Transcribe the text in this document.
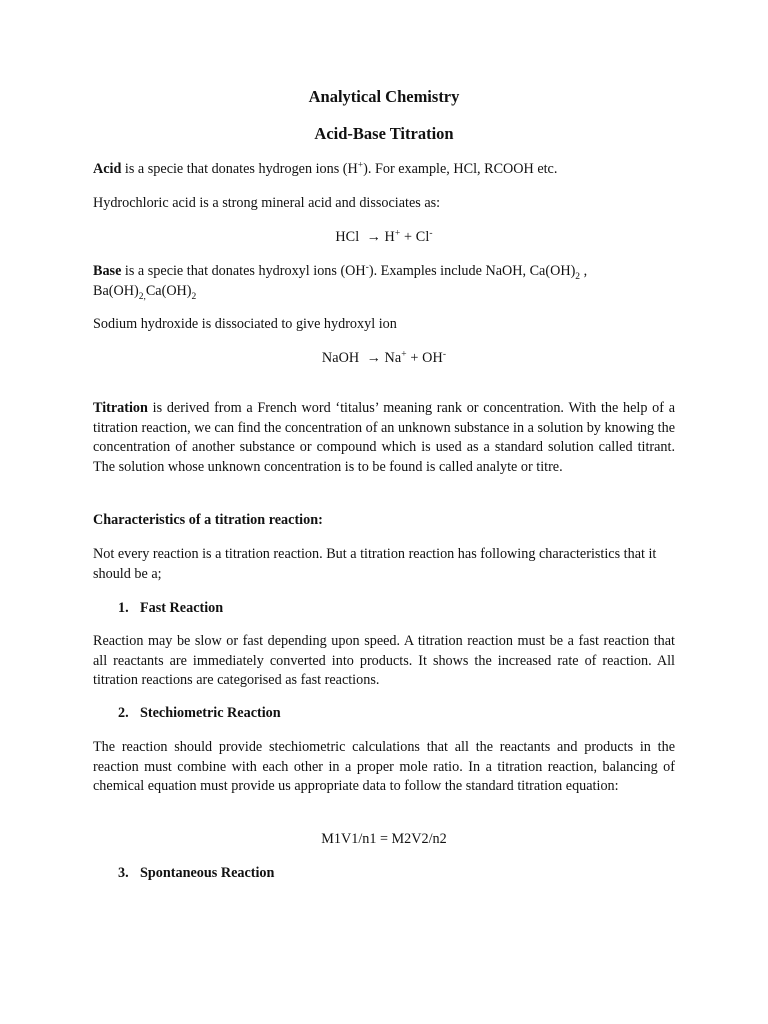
Analytical Chemistry

Acid-Base Titration

Acid is a specie that donates hydrogen ions (H+). For example, HCl, RCOOH etc.

Hydrochloric acid is a strong mineral acid and dissociates as:

HCl → H+ + Cl-

Base is a specie that donates hydroxyl ions (OH-). Examples include NaOH, $Ca(OH)_2$ ,
$Ba(OH)_{2,}Ca(OH)_2$

Sodium hydroxide is dissociated to give hydroxyl ion

NaOH → Na+ + OH-

Titration is derived from a French word ‘titalus’ meaning rank or concentration. With the help of a titration reaction, we can find the concentration of an unknown substance in a solution by knowing the concentration of another substance or compound which is used as a standard solution called titrant. The solution whose unknown concentration is to be found is called analyte or titre.

Characteristics of a titration reaction:

Not every reaction is a titration reaction. But a titration reaction has following characteristics that it should be a;

1. Fast Reaction

Reaction may be slow or fast depending upon speed. A titration reaction must be a fast reaction that all reactants are immediately converted into products. It shows the increased rate of reaction. All titration reactions are categorised as fast reactions.

2. Stechiometric Reaction

The reaction should provide stechiometric calculations that all the reactants and products in the reaction must combine with each other in a proper mole ratio. In a titration reaction, balancing of chemical equation must provide us appropriate data to follow the standard titration equation:

M1V1/n1 = M2V2/n2

3. Spontaneous Reaction
